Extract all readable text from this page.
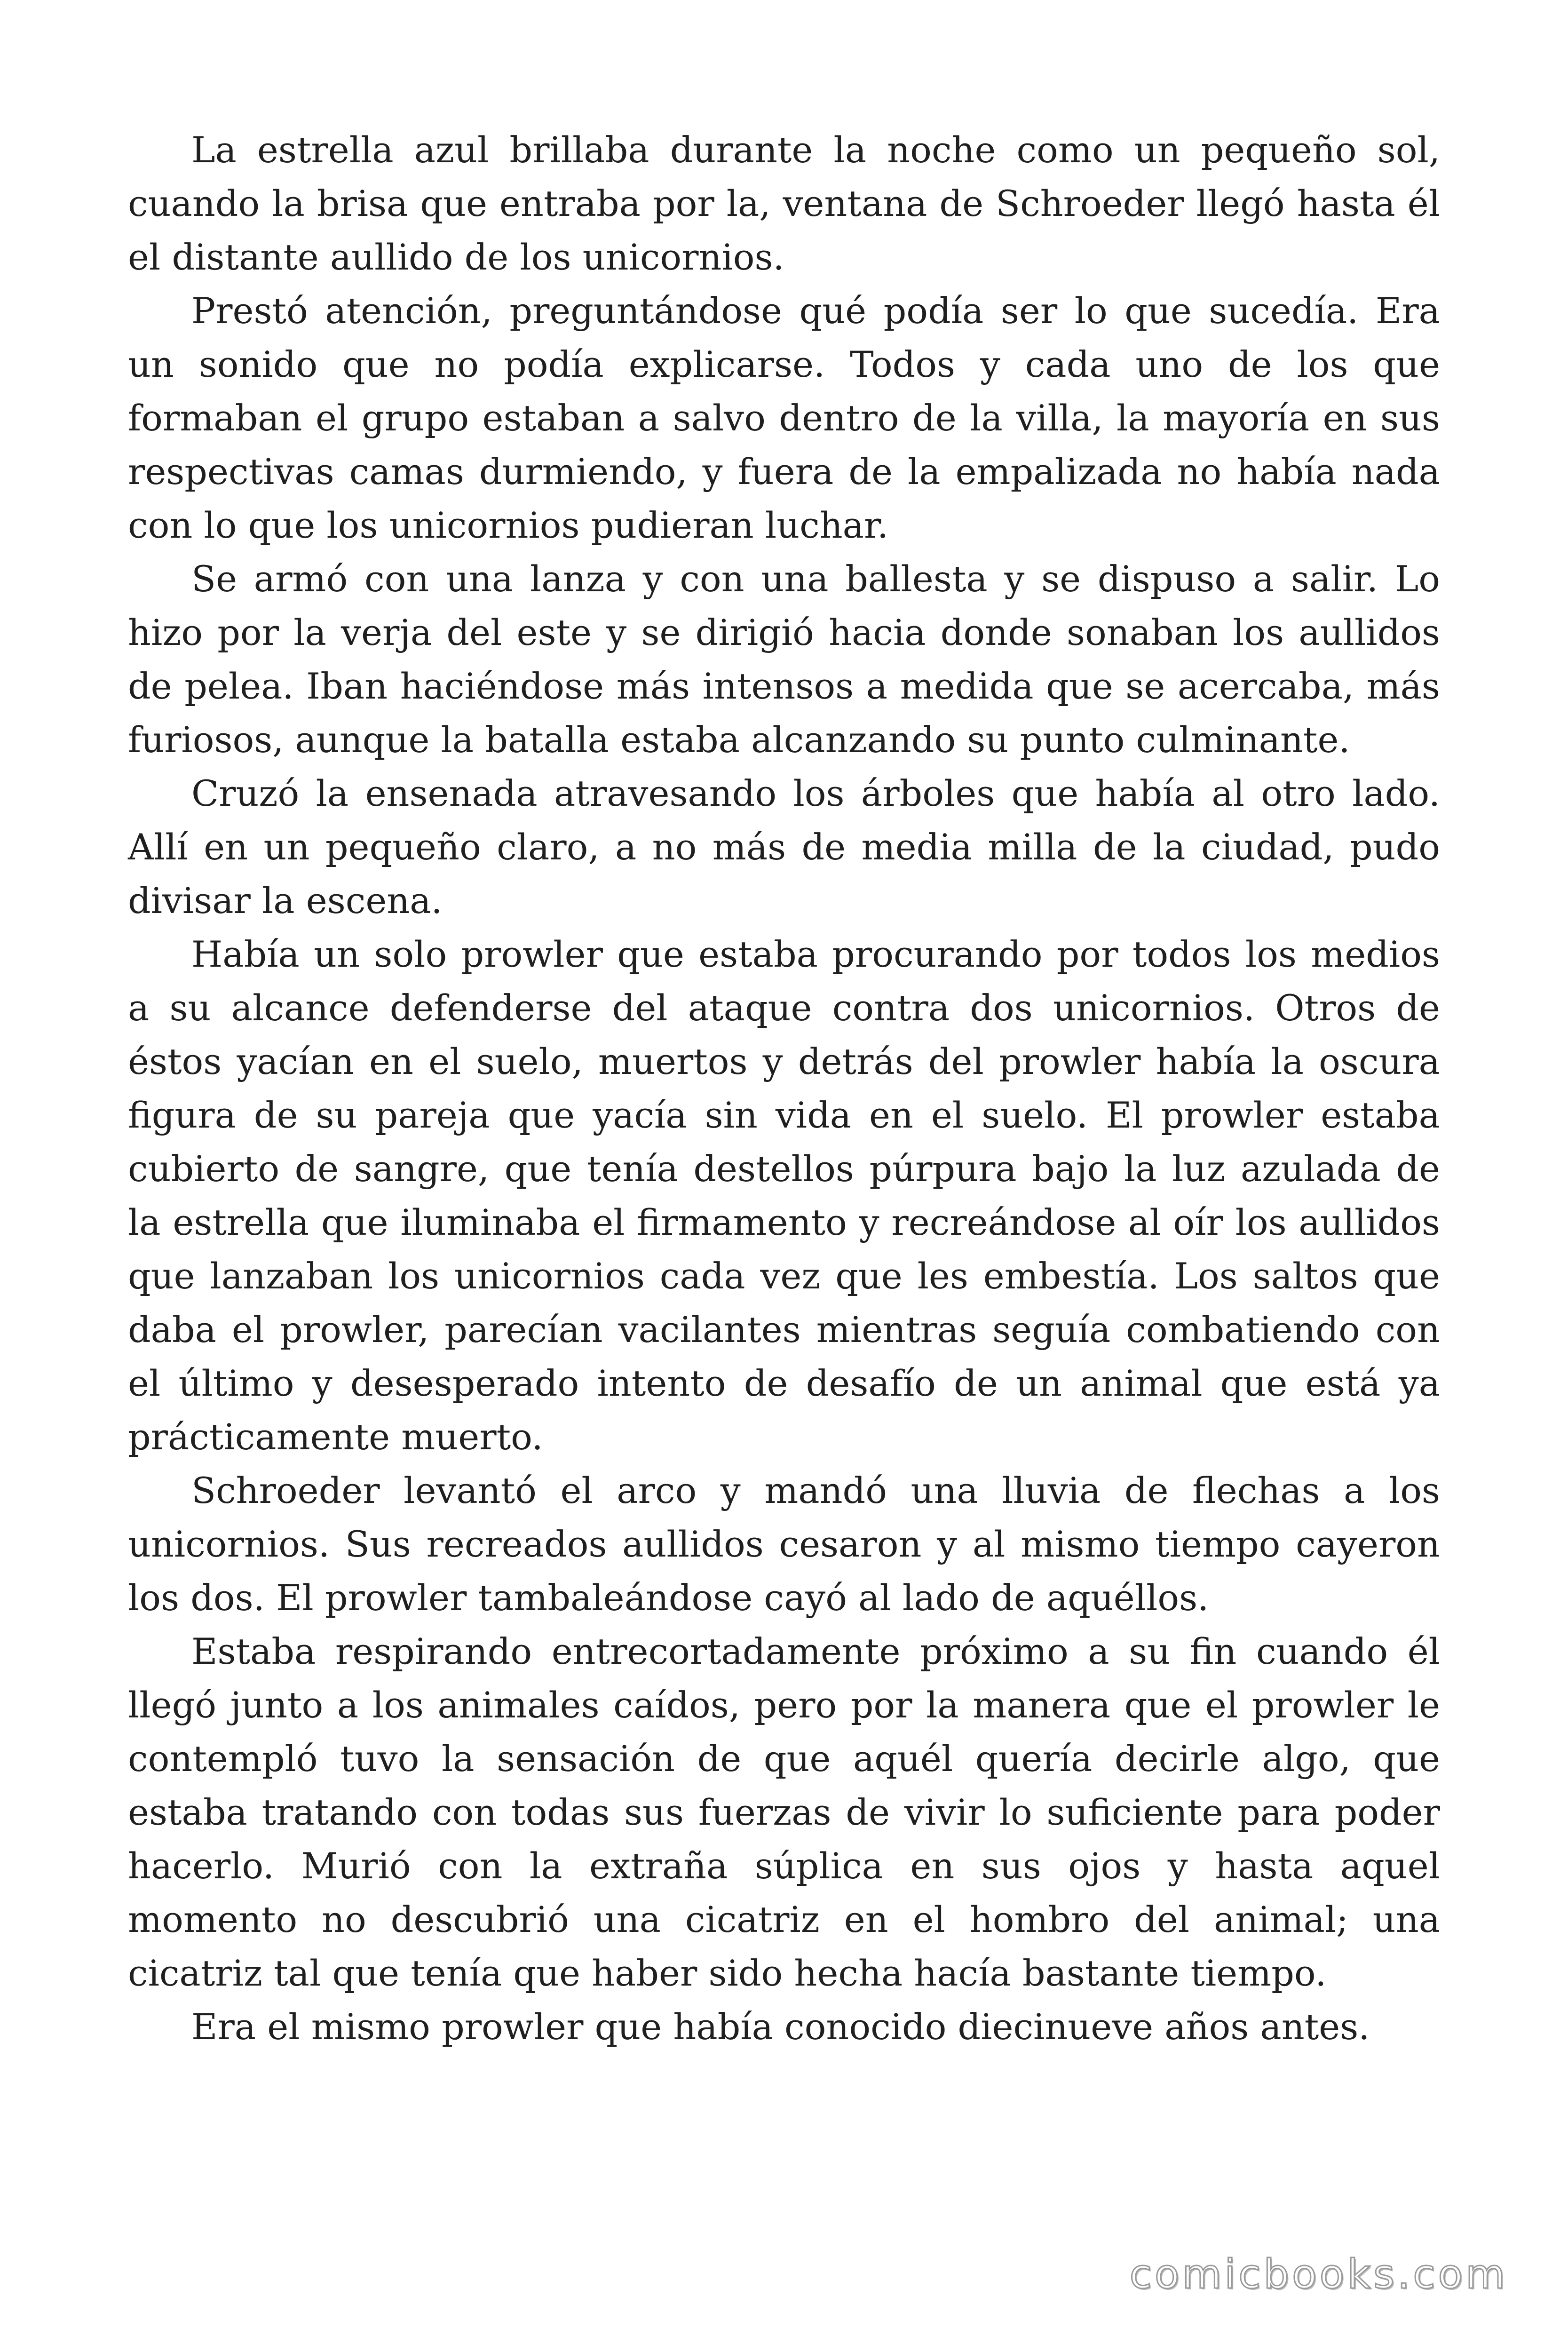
La estrella azul brillaba durante la noche como un pequeño sol, cuando la brisa que entraba por la, ventana de Schroeder llegó hasta él el distante aullido de los unicornios.

Prestó atención, preguntándose qué podía ser lo que sucedía. Era un sonido que no podía explicarse. Todos y cada uno de los que formaban el grupo estaban a salvo dentro de la villa, la mayoría en sus respectivas camas durmiendo, y fuera de la empalizada no había nada con lo que los unicornios pudieran luchar.

Se armó con una lanza y con una ballesta y se dispuso a salir. Lo hizo por la verja del este y se dirigió hacia donde sonaban los aullidos de pelea. Iban haciéndose más intensos a medida que se acercaba, más furiosos, aunque la batalla estaba alcanzando su punto culminante.

Cruzó la ensenada atravesando los árboles que había al otro lado. Allí en un pequeño claro, a no más de media milla de la ciudad, pudo divisar la escena.

Había un solo prowler que estaba procurando por todos los medios a su alcance defenderse del ataque contra dos unicornios. Otros de éstos yacían en el suelo, muertos y detrás del prowler había la oscura figura de su pareja que yacía sin vida en el suelo. El prowler estaba cubierto de sangre, que tenía destellos púrpura bajo la luz azulada de la estrella que iluminaba el firmamento y recreándose al oír los aullidos que lanzaban los unicornios cada vez que les embestía. Los saltos que daba el prowler, parecían vacilantes mientras seguía combatiendo con el último y desesperado intento de desafío de un animal que está ya prácticamente muerto.

Schroeder levantó el arco y mandó una lluvia de flechas a los unicornios. Sus recreados aullidos cesaron y al mismo tiempo cayeron los dos. El prowler tambaleándose cayó al lado de aquéllos.

Estaba respirando entrecortadamente próximo a su fin cuando él llegó junto a los animales caídos, pero por la manera que el prowler le contempló tuvo la sensación de que aquél quería decirle algo, que estaba tratando con todas sus fuerzas de vivir lo suficiente para poder hacerlo. Murió con la extraña súplica en sus ojos y hasta aquel momento no descubrió una cicatriz en el hombro del animal; una cicatriz tal que tenía que haber sido hecha hacía bastante tiempo.

Era el mismo prowler que había conocido diecinueve años antes.

comicbooks.com
